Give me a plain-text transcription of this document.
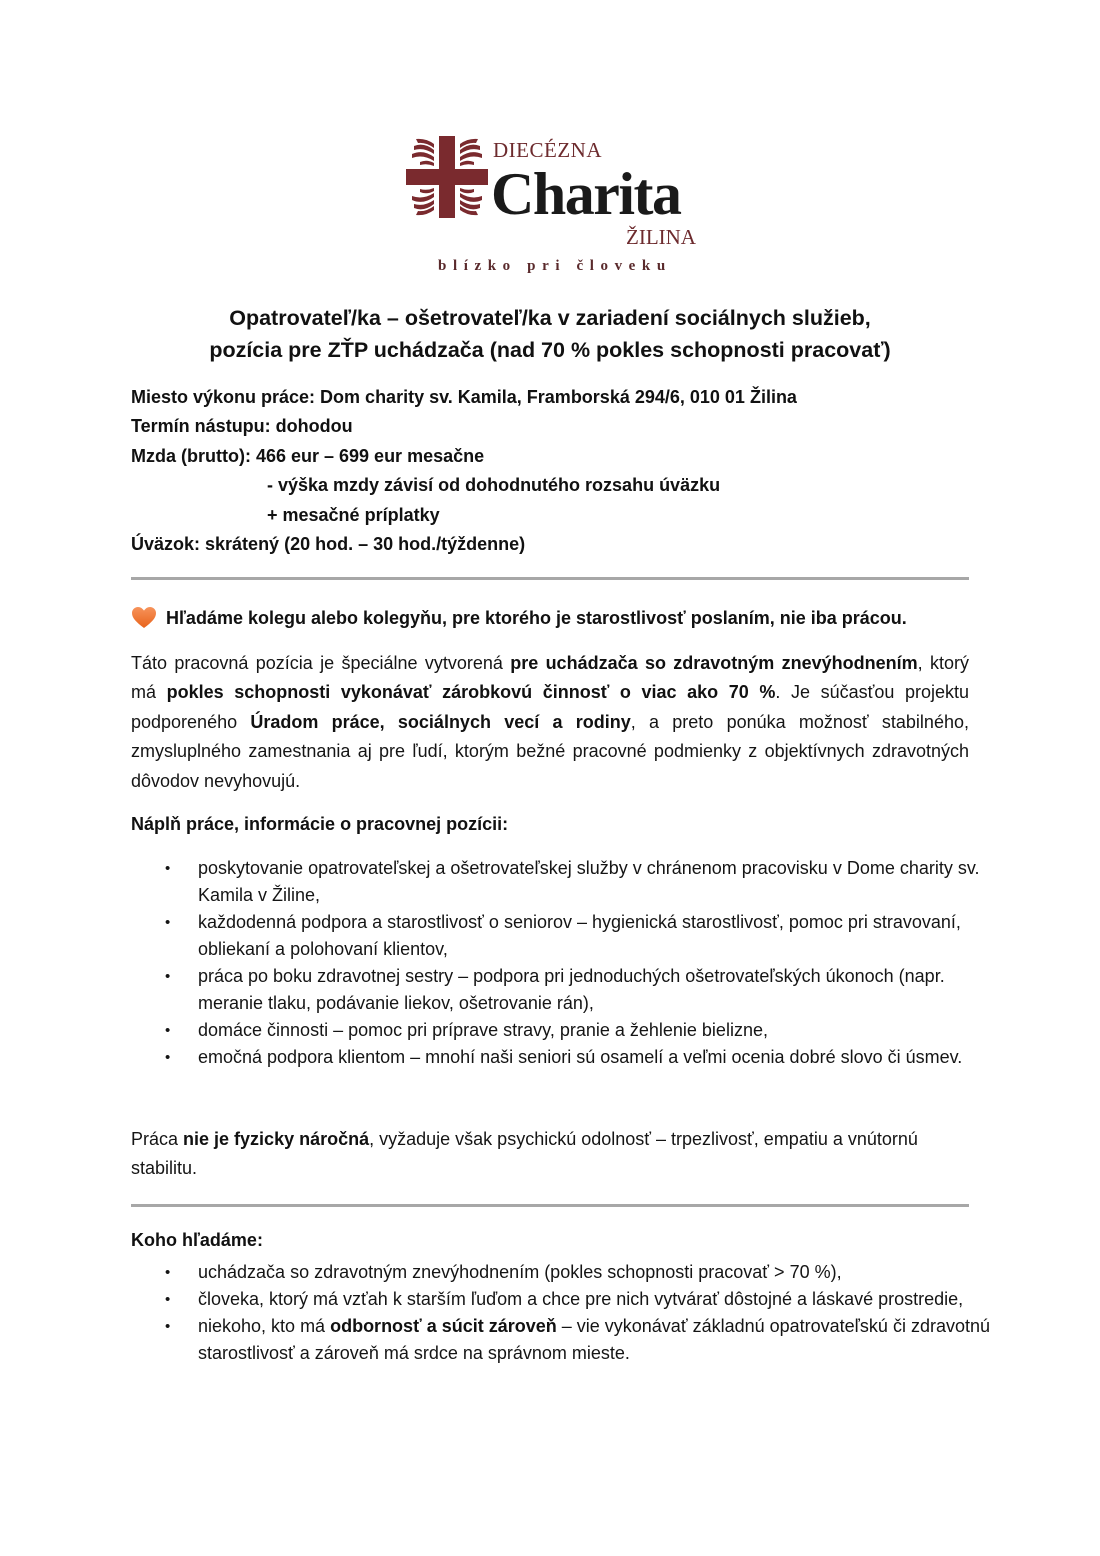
DIECÉZNA
Charita
ŽILINA
blízko pri človeku
Opatrovateľ/ka – ošetrovateľ/ka v zariadení sociálnych služieb,
pozícia pre ZŤP uchádzača (nad 70 % pokles schopnosti pracovať)
Miesto výkonu práce: Dom charity sv. Kamila, Framborská 294/6, 010 01 Žilina
Termín nástupu: dohodou
Mzda (brutto): 466 eur – 699 eur mesačne
- výška mzdy závisí od dohodnutého rozsahu úväzku
+ mesačné príplatky
Úväzok: skrátený (20 hod. – 30 hod./týždenne)
Hľadáme kolegu alebo kolegyňu, pre ktorého je starostlivosť poslaním, nie iba prácou.

Táto pracovná pozícia je špeciálne vytvorená pre uchádzača so zdravotným znevýhodnením, ktorý má pokles schopnosti vykonávať zárobkovú činnosť o viac ako 70 %. Je súčasťou projektu podporeného Úradom práce, sociálnych vecí a rodiny, a preto ponúka možnosť stabilného, zmysluplného zamestnania aj pre ľudí, ktorým bežné pracovné podmienky z objektívnych zdravotných dôvodov nevyhovujú.

Náplň práce, informácie o pracovnej pozícii:
• poskytovanie opatrovateľskej a ošetrovateľskej služby v chránenom pracovisku v Dome charity sv. Kamila v Žiline,
• každodenná podpora a starostlivosť o seniorov – hygienická starostlivosť, pomoc pri stravovaní, obliekaní a polohovaní klientov,
• práca po boku zdravotnej sestry – podpora pri jednoduchých ošetrovateľských úkonoch (napr. meranie tlaku, podávanie liekov, ošetrovanie rán),
• domáce činnosti – pomoc pri príprave stravy, pranie a žehlenie bielizne,
• emočná podpora klientom – mnohí naši seniori sú osamelí a veľmi ocenia dobré slovo či úsmev.

Práca nie je fyzicky náročná, vyžaduje však psychickú odolnosť – trpezlivosť, empatiu a vnútornú stabilitu.

Koho hľadáme:
• uchádzača so zdravotným znevýhodnením (pokles schopnosti pracovať > 70 %),
• človeka, ktorý má vzťah k starším ľuďom a chce pre nich vytvárať dôstojné a láskavé prostredie,
• niekoho, kto má odbornosť a súcit zároveň – vie vykonávať základnú opatrovateľskú či zdravotnú starostlivosť a zároveň má srdce na správnom mieste.
